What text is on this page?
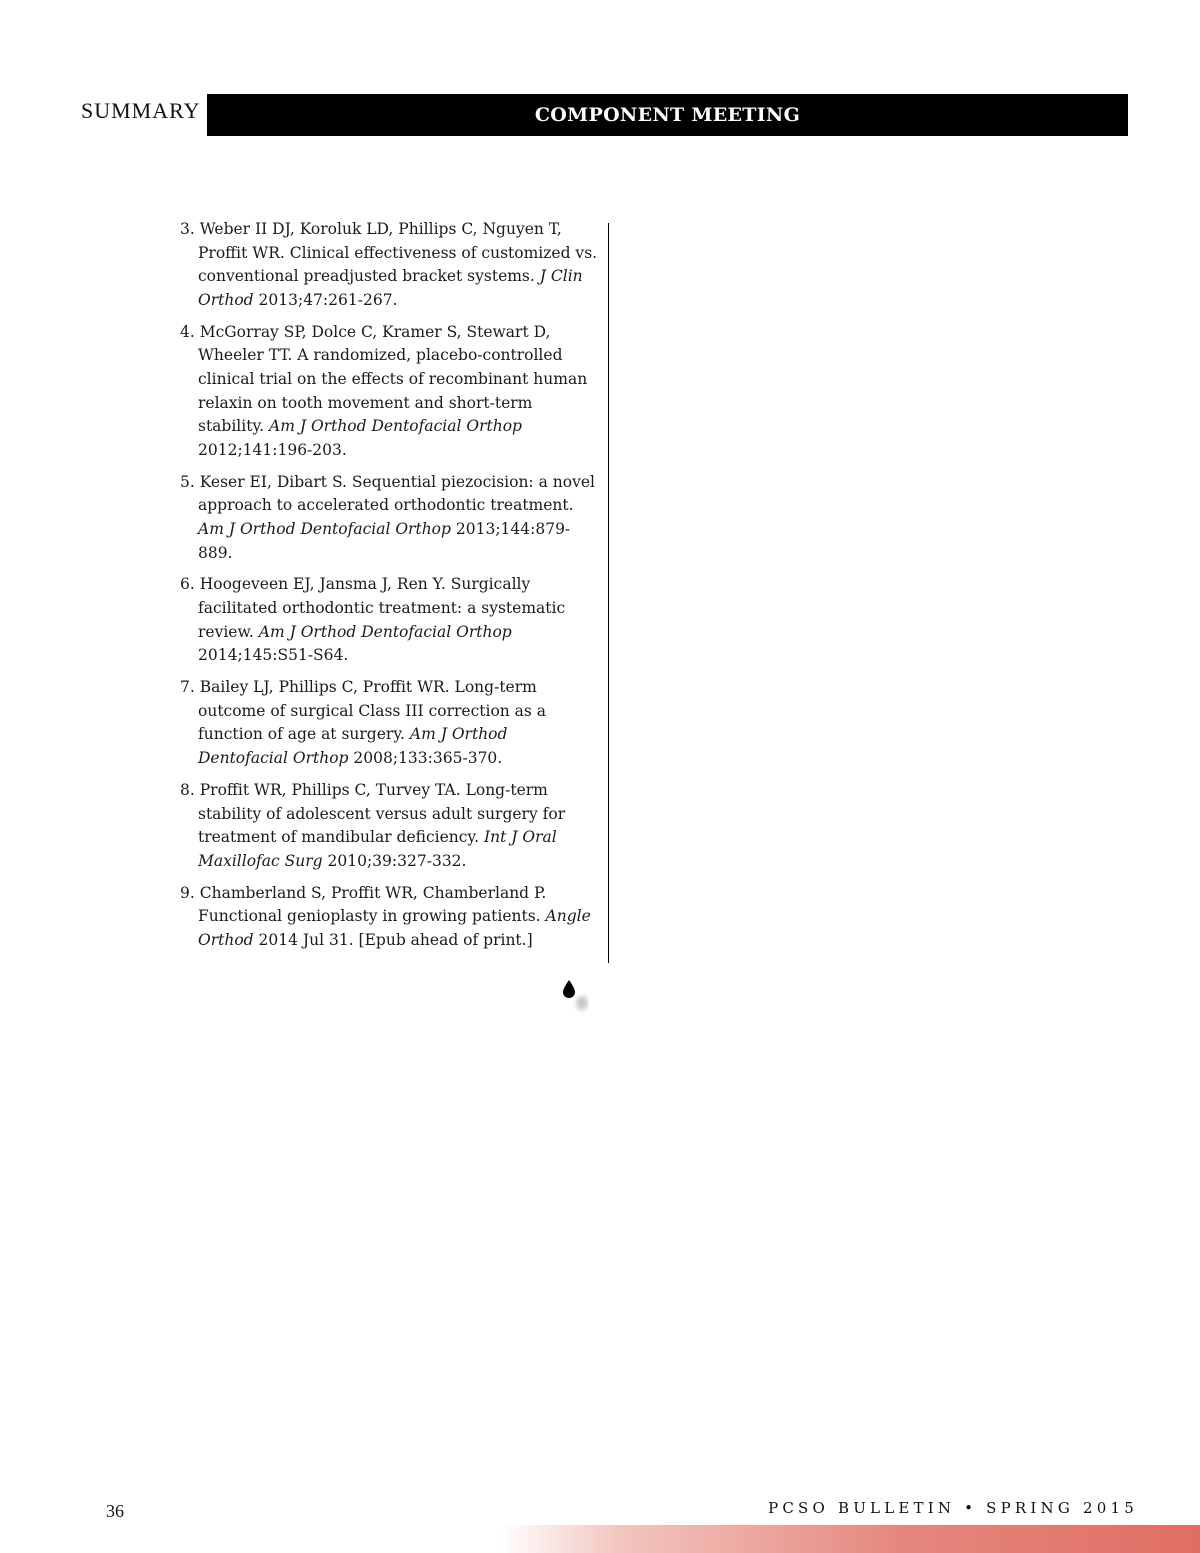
SUMMARY	COMPONENT MEETING

3. Weber II DJ, Koroluk LD, Phillips C, Nguyen T, Proffit WR. Clinical effectiveness of customized vs. conventional preadjusted bracket systems. J Clin Orthod 2013;47:261-267.

4. McGorray SP, Dolce C, Kramer S, Stewart D, Wheeler TT. A randomized, placebo-controlled clinical trial on the effects of recombinant human relaxin on tooth movement and short-term stability. Am J Orthod Dentofacial Orthop 2012;141:196-203.

5. Keser EI, Dibart S. Sequential piezocision: a novel approach to accelerated orthodontic treatment. Am J Orthod Dentofacial Orthop 2013;144:879-889.

6. Hoogeveen EJ, Jansma J, Ren Y. Surgically facilitated orthodontic treatment: a systematic review. Am J Orthod Dentofacial Orthop 2014;145:S51-S64.

7. Bailey LJ, Phillips C, Proffit WR. Long-term outcome of surgical Class III correction as a function of age at surgery. Am J Orthod Dentofacial Orthop 2008;133:365-370.

8. Proffit WR, Phillips C, Turvey TA. Long-term stability of adolescent versus adult surgery for treatment of mandibular deficiency. Int J Oral Maxillofac Surg 2010;39:327-332.

9. Chamberland S, Proffit WR, Chamberland P. Functional genioplasty in growing patients. Angle Orthod 2014 Jul 31. [Epub ahead of print.]

36	PCSO BULLETIN • SPRING 2015
